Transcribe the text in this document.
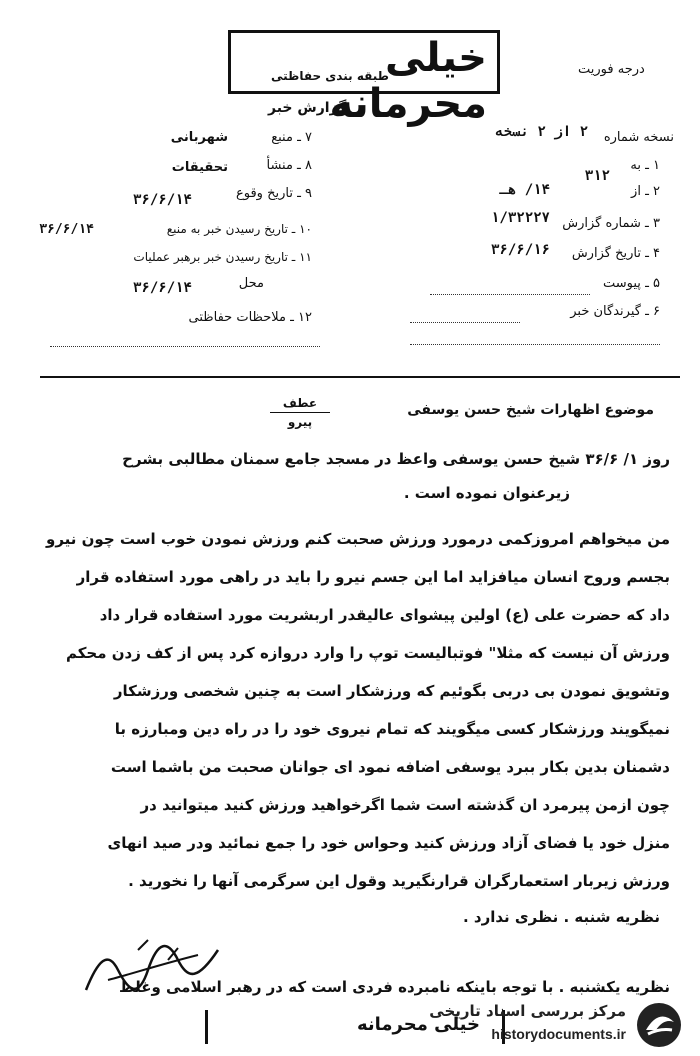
خیلی محرمانه
طبقه بندی حفاظتی
گزارش خبر
درجه فوریت
نسخه شماره
۲ از ۲ نسخه
۱ ـ به
۳۱۲
۲ ـ از
۱۴/ هـ
۳ ـ شماره گزارش
۱/۳۲۲۲۷
۴ ـ تاریخ گزارش
۳۶/۶/۱۶
۵ ـ پیوست
۶ ـ گیرندگان خبر
۷ ـ منبع
شهربانی
۸ ـ منشأ
تحقیقات
۹ ـ تاریخ وقوع
۳۶/۶/۱۴
۱۰ ـ تاریخ رسیدن خبر به منبع
۳۶/۶/۱۴
۱۱ ـ تاریخ رسیدن خبر برهبر عملیات
محل
۳۶/۶/۱۴
۱۲ ـ ملاحظات حفاظتی
موضوع اظهارات شیخ حسن یوسفی
عطف
پیرو
روز ۱/ ۳۶/۶ شیخ حسن یوسفی واعظ در مسجد جامع سمنان مطالبی بشرح
زیرعنوان نموده است .
من میخواهم امروزکمی درمورد ورزش صحبت کنم ورزش نمودن خوب است چون نیرو
بجسم وروح انسان میافزاید اما این جسم نیرو را باید در راهی مورد استفاده قرار
داد که حضرت علی (ع) اولین پیشوای عالیقدر اربشریت مورد استفاده قرار داد
ورزش آن نیست که مثلا" فوتبالیست توپ را وارد دروازه کرد پس از کف زدن محکم
وتشویق نمودن بی دربی بگوئیم که ورزشکار است به چنین شخصی ورزشکار
نمیگویند ورزشکار کسی میگویند که تمام نیروی خود را در راه دین ومبارزه با
دشمنان بدین بکار ببرد یوسفی اضافه نمود ای جوانان صحبت من باشما است
چون ازمن پیرمرد ان گذشته است شما اگرخواهید ورزش کنید میتوانید در
منزل خود یا فضای آزاد ورزش کنید وحواس خود را جمع نمائید ودر صید انهای
ورزش زیربار استعمارگران قرارنگیرید وقول این سرگرمی آنها را نخورید .
نظریه شنبه . نظری ندارد .
نظریه یکشنبه . با توجه باینکه نامبرده فردی است که در رهبر اسلامی وغلط
خیلی محرمانه
مرکز بررسی اسناد تاریخی
historydocuments.ir
